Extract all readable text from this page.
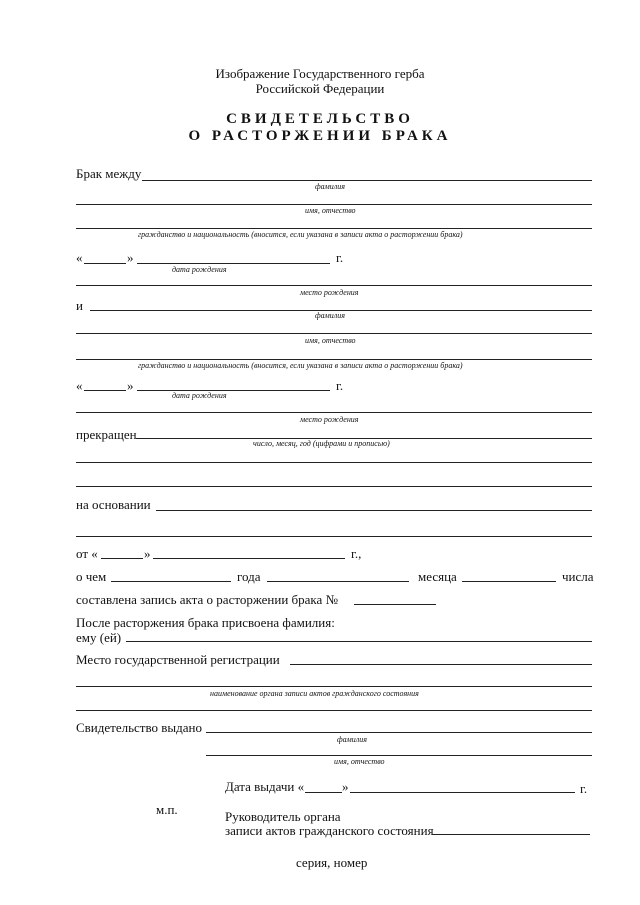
Изображение Государственного герба
Российской Федерации
СВИДЕТЕЛЬСТВО
О РАСТОРЖЕНИИ БРАКА
Брак между
фамилия
имя, отчество
гражданство и национальность (вносится, если указана в записи акта о расторжении брака)
«	»	г.
дата рождения
место рождения
и
фамилия
имя, отчество
гражданство и национальность (вносится, если указана в записи акта о расторжении брака)
«	»	г.
дата рождения
место рождения
прекращен
число, месяц, год (цифрами и прописью)
на основании
от «	»	г.,
о чем	года	месяца	числа
составлена запись акта о расторжении брака №
После расторжения брака присвоена фамилия:
ему (ей)
Место государственной регистрации
наименование органа записи актов гражданского состояния
Свидетельство выдано
фамилия
имя, отчество
Дата выдачи «	»	г.
м.п.	Руководитель органа
записи актов гражданского состояния
серия, номер
